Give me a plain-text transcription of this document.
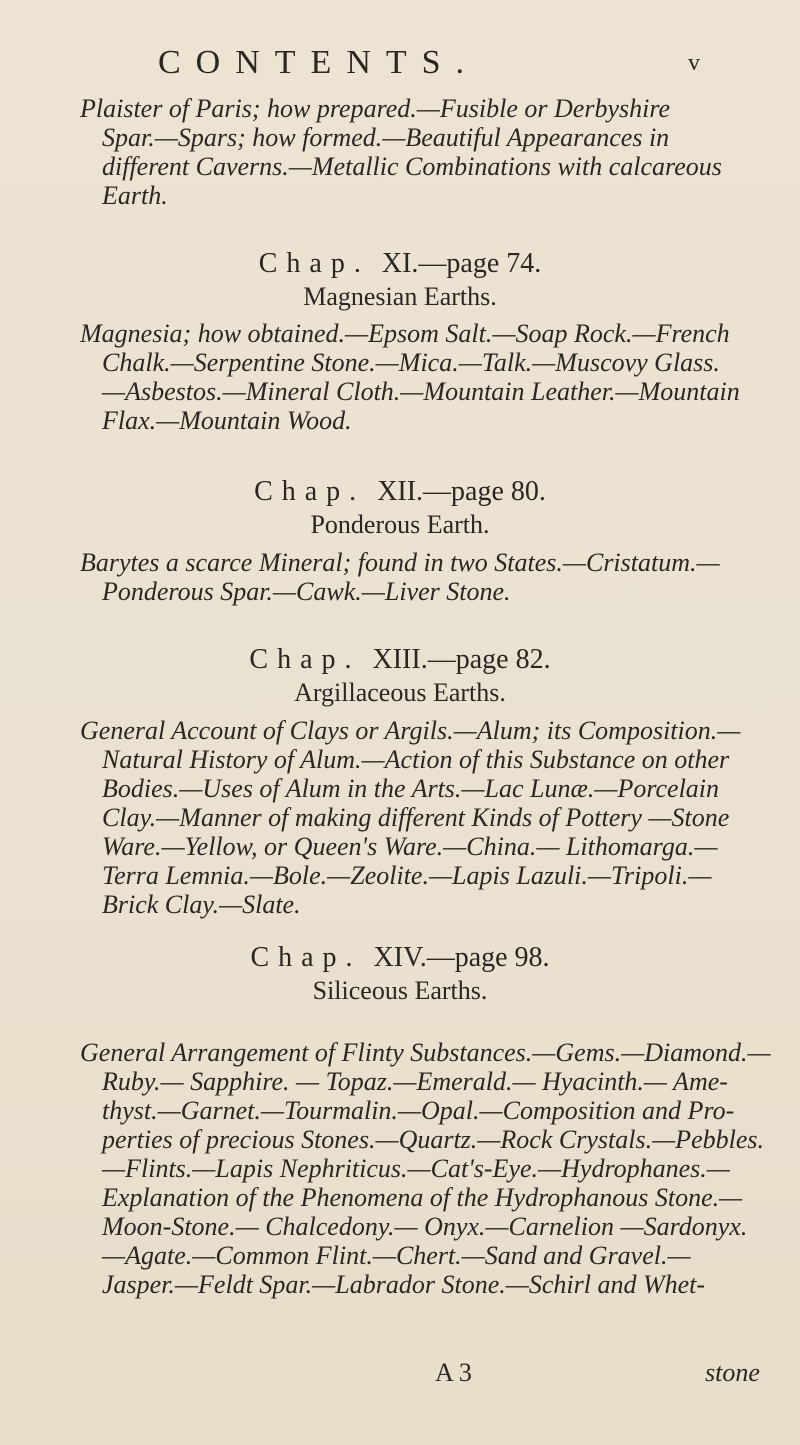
CONTENTS.	v
Plaister of Paris; how prepared.—Fusible or Derbyshire
Spar.—Spars; how formed.—Beautiful Appearances in
different Caverns.—Metallic Combinations with calcareous
Earth.
Chap. XI.—page 74.
Magnesian Earths.
Magnesia; how obtained.—Epsom Salt.—Soap Rock.—French
Chalk.—Serpentine Stone.—Mica.—Talk.—Muscovy Glass.
—Asbestos.—Mineral Cloth.—Mountain Leather.—Mountain
Flax.—Mountain Wood.
Chap. XII.—page 80.
Ponderous Earth.
Barytes a scarce Mineral; found in two States.—Cristatum.—
Ponderous Spar.—Cawk.—Liver Stone.
Chap. XIII.—page 82.
Argillaceous Earths.
General Account of Clays or Argils.—Alum; its Composition.—
Natural History of Alum.—Action of this Substance on other
Bodies.—Uses of Alum in the Arts.—Lac Lunæ.—Porcelain
Clay.—Manner of making different Kinds of Pottery —Stone
Ware.—Yellow, or Queen's Ware.—China.— Lithomarga.—
Terra Lemnia.—Bole.—Zeolite.—Lapis Lazuli.—Tripoli.—
Brick Clay.—Slate.
Chap. XIV.—page 98.
Siliceous Earths.
General Arrangement of Flinty Substances.—Gems.—Diamond.—
Ruby.— Sapphire. — Topaz.—Emerald.— Hyacinth.— Ame-
thyst.—Garnet.—Tourmalin.—Opal.—Composition and Pro-
perties of precious Stones.—Quartz.—Rock Crystals.—Pebbles.
—Flints.—Lapis Nephriticus.—Cat's-Eye.—Hydrophanes.—
Explanation of the Phenomena of the Hydrophanous Stone.—
Moon-Stone.— Chalcedony.— Onyx.—Carnelion —Sardonyx.
—Agate.—Common Flint.—Chert.—Sand and Gravel.—
Jasper.—Feldt Spar.—Labrador Stone.—Schirl and Whet-
A 3	stone
